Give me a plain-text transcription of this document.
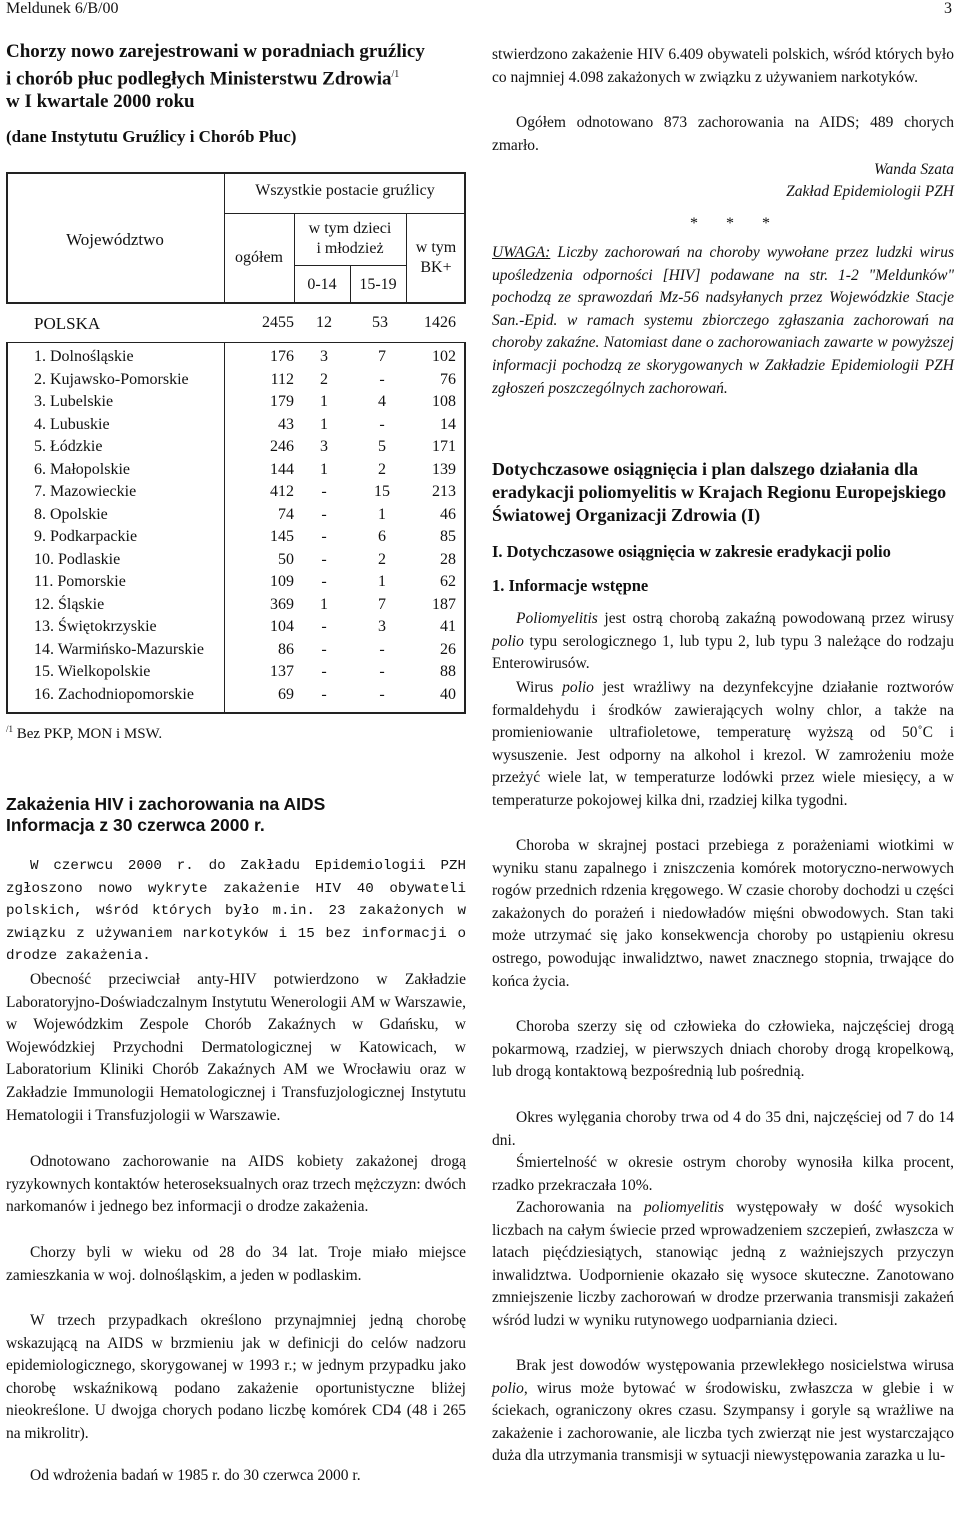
Meldunek 6/B/00	3
Chorzy nowo zarejestrowani w poradniach gruźlicy
i chorób płuc podległych Ministerstwu Zdrowia$^{/1}$
w I kwartale 2000 roku
(dane Instytutu Gruźlicy i Chorób Płuc)
Wszystkie postacie gruźlicy
Województwo
ogółem
w tym dzieci
i młodzież
0-14	15-19
w tym
BK+
POLSKA	2455	12	53	1426
1. Dolnośląskie	176	3	7	102
2. Kujawsko-Pomorskie	112	2	-	76
3. Lubelskie	179	1	4	108
4. Lubuskie	43	1	-	14
5. Łódzkie	246	3	5	171
6. Małopolskie	144	1	2	139
7. Mazowieckie	412	-	15	213
8. Opolskie	74	-	1	46
9. Podkarpackie	145	-	6	85
10. Podlaskie	50	-	2	28
11. Pomorskie	109	-	1	62
12. Śląskie	369	1	7	187
13. Świętokrzyskie	104	-	3	41
14. Warmińsko-Mazurskie	86	-	-	26
15. Wielkopolskie	137	-	-	88
16. Zachodniopomorskie	69	-	-	40
$^{/1}$ Bez PKP, MON i MSW.
Zakażenia HIV i zachorowania na AIDS
Informacja z 30 czerwca 2000 r.

W czerwcu 2000 r. do Zakładu Epidemiologii PZH zgłoszono nowo wykryte zakażenie HIV 40 obywateli polskich, wśród których było m.in. 23 zakażonych w związku z używaniem narkotyków i 15 bez informacji o drodze zakażenia.

Obecność przeciwciał anty-HIV potwierdzono w Zakładzie Laboratoryjno-Doświadczalnym Instytutu Wenerologii AM w Warszawie, w Wojewódzkim Zespole Chorób Zakaźnych w Gdańsku, w Wojewódzkiej Przychodni Dermatologicznej w Katowicach, w Laboratorium Kliniki Chorób Zakaźnych AM we Wrocławiu oraz w Zakładzie Immunologii Hematologicznej i Transfuzjologicznej Instytutu Hematologii i Transfuzjologii w Warszawie.

Odnotowano zachorowanie na AIDS kobiety zakażonej drogą ryzykownych kontaktów heteroseksualnych oraz trzech mężczyzn: dwóch narkomanów i jednego bez informacji o drodze zakażenia.

Chorzy byli w wieku od 28 do 34 lat. Troje miało miejsce zamieszkania w woj. dolnośląskim, a jeden w podlaskim.

W trzech przypadkach określono przynajmniej jedną chorobę wskazującą na AIDS w brzmieniu jak w definicji do celów nadzoru epidemiologicznego, skorygowanej w 1993 r.; w jednym przypadku jako chorobę wskaźnikową podano zakażenie oportunistyczne bliżej nieokreślone. U dwojga chorych podano liczbę komórek CD4 (48 i 265 na mikrolitr).

Od wdrożenia badań w 1985 r. do 30 czerwca 2000 r.

stwierdzono zakażenie HIV 6.409 obywateli polskich, wśród których było co najmniej 4.098 zakażonych w związku z używaniem narkotyków.

Ogółem odnotowano 873 zachorowania na AIDS; 489 chorych zmarło.

Wanda Szata
Zakład Epidemiologii PZH
* * *
UWAGA: Liczby zachorowań na choroby wywołane przez ludzki wirus upośledzenia odporności [HIV] podawane na str. 1-2 "Meldunków" pochodzą ze sprawozdań Mz-56 nadsyłanych przez Wojewódzkie Stacje San.-Epid. w ramach systemu zbiorczego zgłaszania zachorowań na choroby zakaźne. Natomiast dane o zachorowaniach zawarte w powyższej informacji pochodzą ze skorygowanych w Zakładzie Epidemiologii PZH zgłoszeń poszczególnych zachorowań.
Dotychczasowe osiągnięcia i plan dalszego działania dla eradykacji poliomyelitis w Krajach Regionu Europejskiego Światowej Organizacji Zdrowia (I)
I. Dotychczasowe osiągnięcia w zakresie eradykacji polio
1. Informacje wstępne

Poliomyelitis jest ostrą chorobą zakaźną powodowaną przez wirusy polio typu serologicznego 1, lub typu 2, lub typu 3 należące do rodzaju Enterowirusów.

Wirus polio jest wrażliwy na dezynfekcyjne działanie roztworów formaldehydu i środków zawierających wolny chlor, a także na promieniowanie ultrafioletowe, temperaturę wyższą od 50˚C i wysuszenie. Jest odporny na alkohol i krezol. W zamrożeniu może przeżyć wiele lat, w temperaturze lodówki przez wiele miesięcy, a w temperaturze pokojowej kilka dni, rzadziej kilka tygodni.

Choroba w skrajnej postaci przebiega z porażeniami wiotkimi w wyniku stanu zapalnego i zniszczenia komórek motoryczno-nerwowych rogów przednich rdzenia kręgowego. W czasie choroby dochodzi u części zakażonych do porażeń i niedowładów mięśni obwodowych. Stan taki może utrzymać się jako konsekwencja choroby po ustąpieniu okresu ostrego, powodując inwalidztwo, nawet znacznego stopnia, trwające do końca życia.

Choroba szerzy się od człowieka do człowieka, najczęściej drogą pokarmową, rzadziej, w pierwszych dniach choroby drogą kropelkową, lub drogą kontaktową bezpośrednią lub pośrednią.

Okres wylęgania choroby trwa od 4 do 35 dni, najczęściej od 7 do 14 dni.

Śmiertelność w okresie ostrym choroby wynosiła kilka procent, rzadko przekraczała 10%.

Zachorowania na poliomyelitis występowały w dość wysokich liczbach na całym świecie przed wprowadzeniem szczepień, zwłaszcza w latach pięćdziesiątych, stanowiąc jedną z ważniejszych przyczyn inwalidztwa. Uodpornienie okazało się wysoce skuteczne. Zanotowano zmniejszenie liczby zachorowań w drodze przerwania transmisji zakażeń wśród ludzi w wyniku rutynowego uodparniania dzieci.

Brak jest dowodów występowania przewlekłego nosicielstwa wirusa polio, wirus może bytować w środowisku, zwłaszcza w glebie i w ściekach, ograniczony okres czasu. Szympansy i goryle są wrażliwe na zakażenie i zachorowanie, ale liczba tych zwierząt nie jest wystarczająco duża dla utrzymania transmisji w sytuacji niewystępowania zarazka u lu-
